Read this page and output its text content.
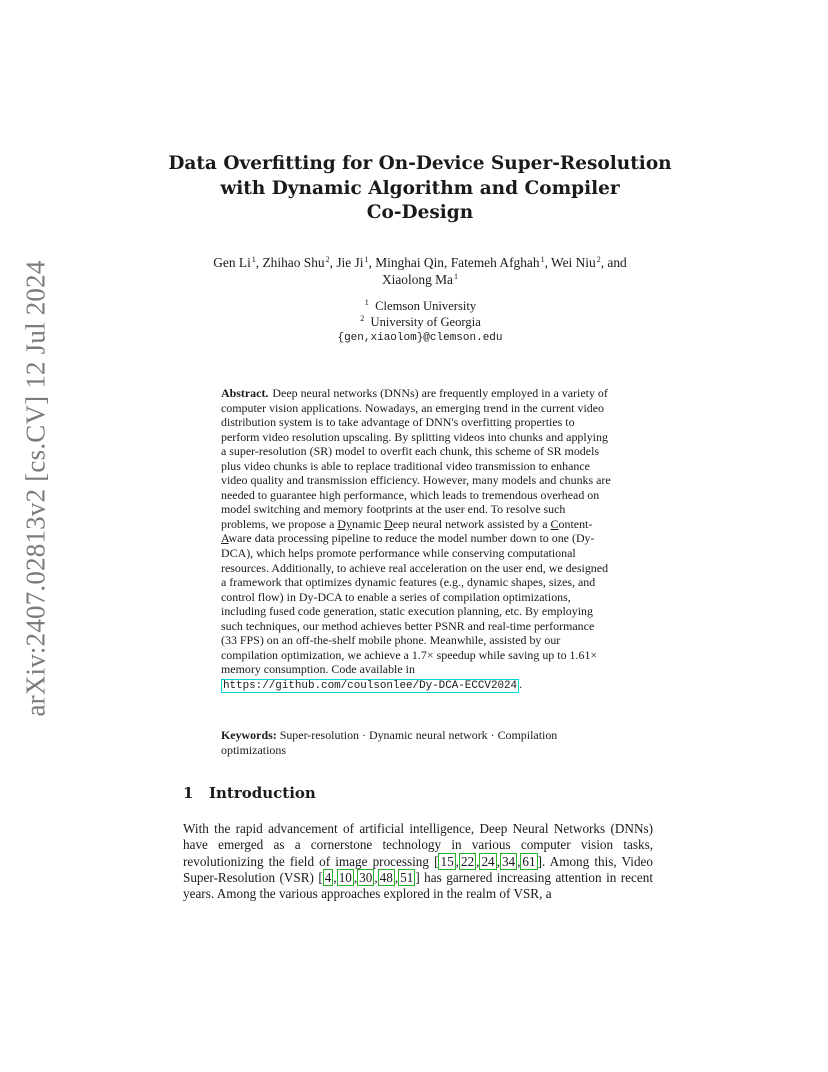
arXiv:2407.02813v2 [cs.CV] 12 Jul 2024
Data Overfitting for On-Device Super-Resolution
with Dynamic Algorithm and Compiler
Co-Design
Gen Li$^1$, Zhihao Shu$^2$, Jie Ji$^1$, Minghai Qin, Fatemeh Afghah$^1$, Wei Niu$^2$, and
Xiaolong Ma$^1$
$^1$ Clemson University
$^2$ University of Georgia
{gen,xiaolom}@clemson.edu

Abstract. Deep neural networks (DNNs) are frequently employed in a variety of computer vision applications. Nowadays, an emerging trend in the current video distribution system is to take advantage of DNN's overfitting properties to perform video resolution upscaling. By splitting videos into chunks and applying a super-resolution (SR) model to overfit each chunk, this scheme of SR models plus video chunks is able to replace traditional video transmission to enhance video quality and transmission efficiency. However, many models and chunks are needed to guarantee high performance, which leads to tremendous overhead on model switching and memory footprints at the user end. To resolve such problems, we propose a Dynamic Deep neural network assisted by a Content-Aware data processing pipeline to reduce the model number down to one (Dy-DCA), which helps promote performance while conserving computational resources. Additionally, to achieve real acceleration on the user end, we designed a framework that optimizes dynamic features (e.g., dynamic shapes, sizes, and control flow) in Dy-DCA to enable a series of compilation optimizations, including fused code generation, static execution planning, etc. By employing such techniques, our method achieves better PSNR and real-time performance (33 FPS) on an off-the-shelf mobile phone. Meanwhile, assisted by our compilation optimization, we achieve a 1.7× speedup while saving up to 1.61× memory consumption. Code available in https://github.com/coulsonlee/Dy-DCA-ECCV2024 .

Keywords: Super-resolution · Dynamic neural network · Compilation optimizations
1 Introduction

With the rapid advancement of artificial intelligence, Deep Neural Networks (DNNs) have emerged as a cornerstone technology in various computer vision tasks, revolutionizing the field of image processing [ 15 , 22 , 24 , 34 , 61 ]. Among this, Video Super-Resolution (VSR) [ 4 , 10 , 30 , 48 , 51 ] has garnered increasing attention in recent years. Among the various approaches explored in the realm of VSR, a
